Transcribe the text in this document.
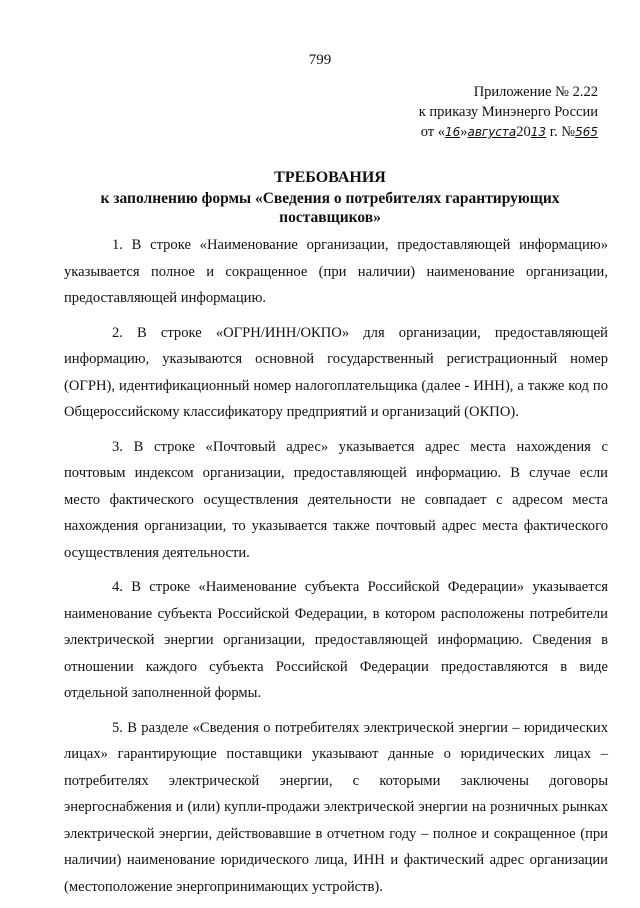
799
Приложение № 2.22
к приказу Минэнерго России
от «16»августа2013 г. №565
ТРЕБОВАНИЯ
к заполнению формы «Сведения о потребителях гарантирующих поставщиков»

1. В строке «Наименование организации, предоставляющей информацию» указывается полное и сокращенное (при наличии) наименование организации, предоставляющей информацию.

2. В строке «ОГРН/ИНН/ОКПО» для организации, предоставляющей информацию, указываются основной государственный регистрационный номер (ОГРН), идентификационный номер налогоплательщика (далее - ИНН), а также код по Общероссийскому классификатору предприятий и организаций (ОКПО).

3. В строке «Почтовый адрес» указывается адрес места нахождения с почтовым индексом организации, предоставляющей информацию. В случае если место фактического осуществления деятельности не совпадает с адресом места нахождения организации, то указывается также почтовый адрес места фактического осуществления деятельности.

4. В строке «Наименование субъекта Российской Федерации» указывается наименование субъекта Российской Федерации, в котором расположены потребители электрической энергии организации, предоставляющей информацию. Сведения в отношении каждого субъекта Российской Федерации предоставляются в виде отдельной заполненной формы.

5. В разделе «Сведения о потребителях электрической энергии – юридических лицах» гарантирующие поставщики указывают данные о юридических лицах – потребителях электрической энергии, с которыми заключены договоры энергоснабжения и (или) купли-продажи электрической энергии на розничных рынках электрической энергии, действовавшие в отчетном году – полное и сокращенное (при наличии) наименование юридического лица, ИНН и фактический адрес организации (местоположение энергопринимающих устройств).
